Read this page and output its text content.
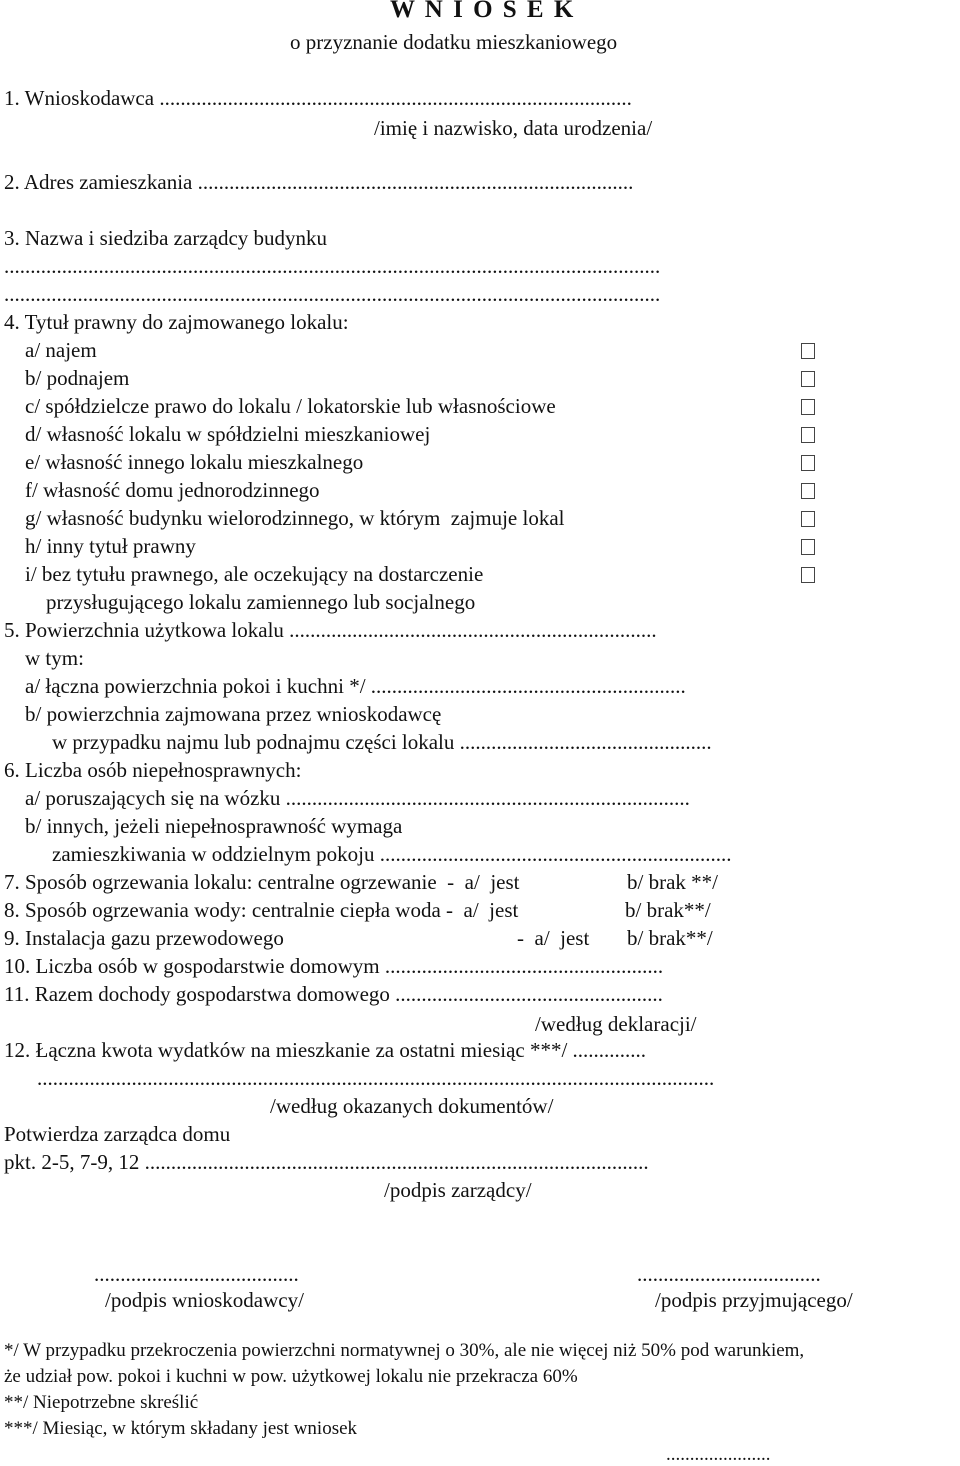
W N I O S E K
o przyznanie dodatku mieszkaniowego
1. Wnioskodawca ..........................................................................................
/imię i nazwisko, data urodzenia/
2. Adres zamieszkania ...................................................................................
3. Nazwa i siedziba zarządcy budynku
.............................................................................................................................
.............................................................................................................................
4. Tytuł prawny do zajmowanego lokalu:
a/ najem
b/ podnajem
c/ spółdzielcze prawo do lokalu / lokatorskie lub własnościowe
d/ własność lokalu w spółdzielni mieszkaniowej
e/ własność innego lokalu mieszkalnego
f/ własność domu jednorodzinnego
g/ własność budynku wielorodzinnego, w którym  zajmuje lokal
h/ inny tytuł prawny
i/ bez tytułu prawnego, ale oczekujący na dostarczenie
przysługującego lokalu zamiennego lub socjalnego
5. Powierzchnia użytkowa lokalu ......................................................................
w tym:
a/ łączna powierzchnia pokoi i kuchni */ ............................................................
b/ powierzchnia zajmowana przez wnioskodawcę
w przypadku najmu lub podnajmu części lokalu ................................................
6. Liczba osób niepełnosprawnych:
a/ poruszających się na wózku .............................................................................
b/ innych, jeżeli niepełnosprawność wymaga
zamieszkiwania w oddzielnym pokoju ...................................................................
7. Sposób ogrzewania lokalu: centralne ogrzewanie  -  a/  jest	b/ brak **/
8. Sposób ogrzewania wody: centralnie ciepła woda -  a/  jest	b/ brak**/
9. Instalacja gazu przewodowego	-  a/  jest b/ brak**/
10. Liczba osób w gospodarstwie domowym .....................................................
11. Razem dochody gospodarstwa domowego ...................................................
/według deklaracji/
12. Łączna kwota wydatków na mieszkanie za ostatni miesiąc ***/ ..............
.................................................................................................................................
/według okazanych dokumentów/
Potwierdza zarządca domu
pkt. 2-5, 7-9, 12 ................................................................................................
/podpis zarządcy/
.......................................
/podpis wnioskodawcy/
...................................
/podpis przyjmującego/
*/ W przypadku przekroczenia powierzchni normatywnej o 30%, ale nie więcej niż 50% pod warunkiem,
że udział pow. pokoi i kuchni w pow. użytkowej lokalu nie przekracza 60%
**/ Niepotrzebne skreślić
***/ Miesiąc, w którym składany jest wniosek
......................
